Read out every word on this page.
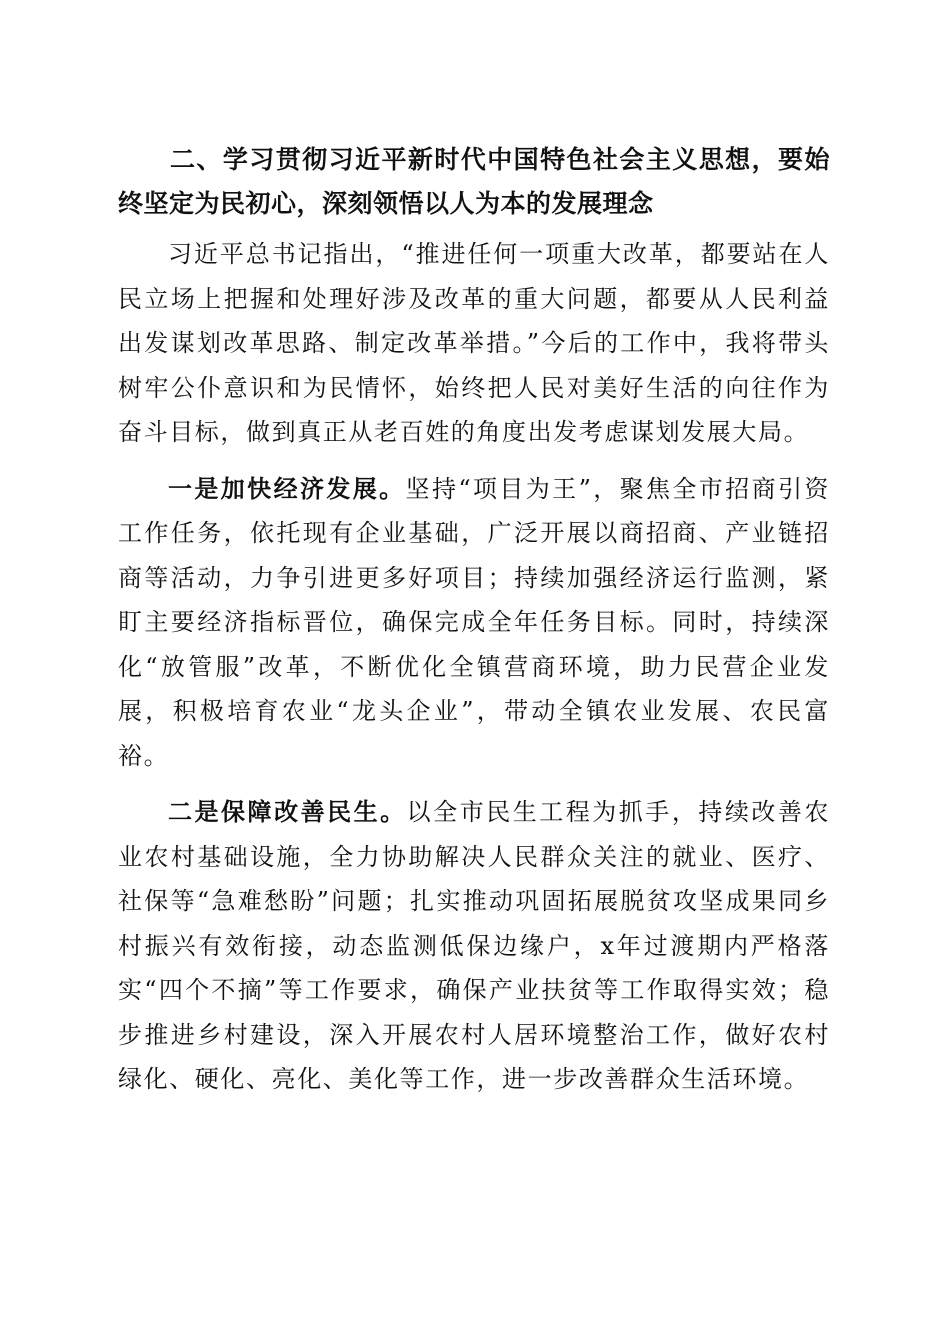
二、学习贯彻习近平新时代中国特色社会主义思想，要始终坚定为民初心，深刻领悟以人为本的发展理念

习近平总书记指出，“推进任何一项重大改革，都要站在人民立场上把握和处理好涉及改革的重大问题，都要从人民利益出发谋划改革思路、制定改革举措。”今后的工作中，我将带头树牢公仆意识和为民情怀，始终把人民对美好生活的向往作为奋斗目标，做到真正从老百姓的角度出发考虑谋划发展大局。

一是加快经济发展。坚持“项目为王”，聚焦全市招商引资工作任务，依托现有企业基础，广泛开展以商招商、产业链招商等活动，力争引进更多好项目；持续加强经济运行监测，紧盯主要经济指标晋位，确保完成全年任务目标。同时，持续深化“放管服”改革，不断优化全镇营商环境，助力民营企业发展，积极培育农业“龙头企业”，带动全镇农业发展、农民富裕。

二是保障改善民生。以全市民生工程为抓手，持续改善农业农村基础设施，全力协助解决人民群众关注的就业、医疗、社保等“急难愁盼”问题；扎实推动巩固拓展脱贫攻坚成果同乡村振兴有效衔接，动态监测低保边缘户，x年过渡期内严格落实“四个不摘”等工作要求，确保产业扶贫等工作取得实效；稳步推进乡村建设，深入开展农村人居环境整治工作，做好农村绿化、硬化、亮化、美化等工作，进一步改善群众生活环境。
